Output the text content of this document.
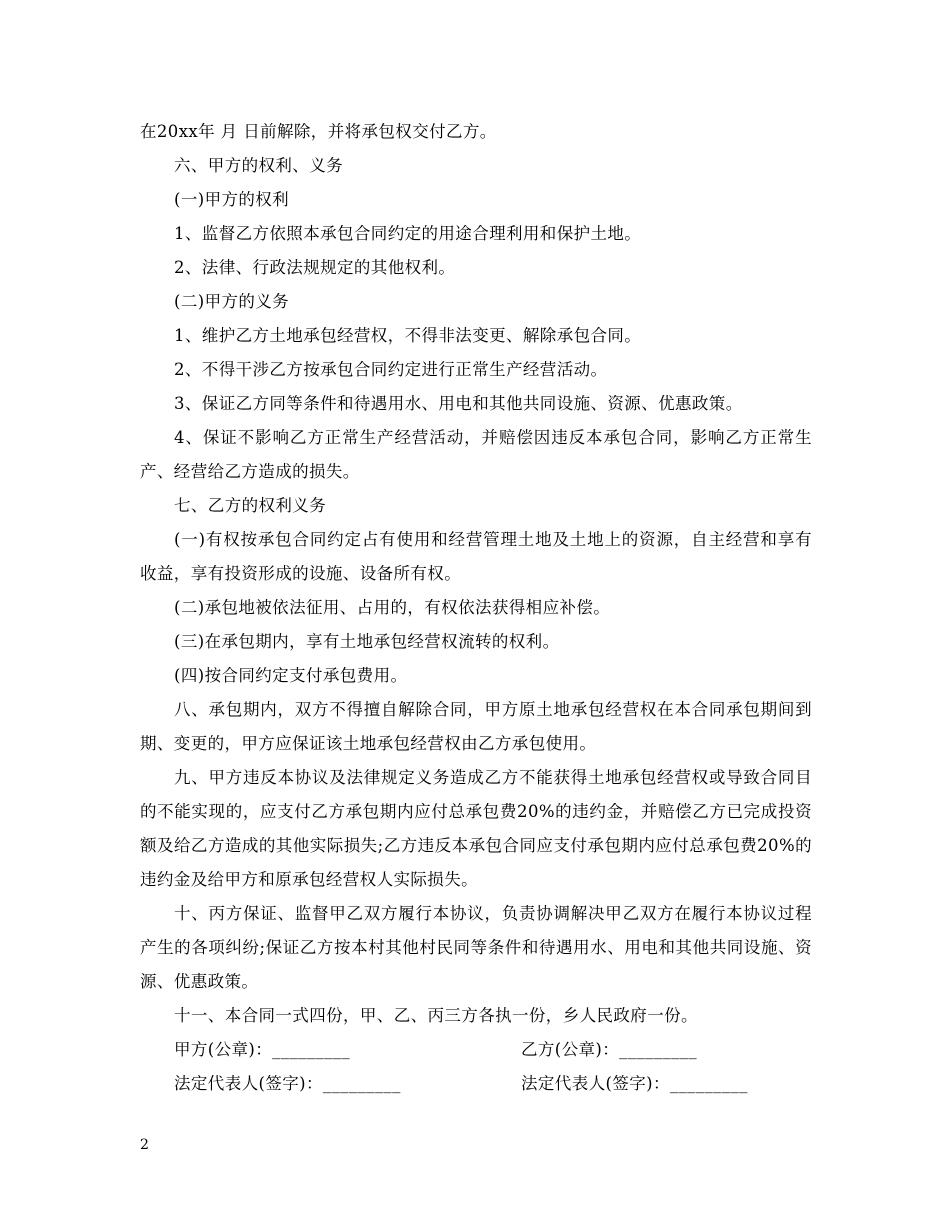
在20xx年 月 日前解除，并将承包权交付乙方。

六、甲方的权利、义务

(一)甲方的权利

1、监督乙方依照本承包合同约定的用途合理利用和保护土地。

2、法律、行政法规规定的其他权利。

(二)甲方的义务

1、维护乙方土地承包经营权，不得非法变更、解除承包合同。

2、不得干涉乙方按承包合同约定进行正常生产经营活动。

3、保证乙方同等条件和待遇用水、用电和其他共同设施、资源、优惠政策。

4、保证不影响乙方正常生产经营活动，并赔偿因违反本承包合同，影响乙方正常生产、经营给乙方造成的损失。

七、乙方的权利义务

(一)有权按承包合同约定占有使用和经营管理土地及土地上的资源，自主经营和享有收益，享有投资形成的设施、设备所有权。

(二)承包地被依法征用、占用的，有权依法获得相应补偿。

(三)在承包期内，享有土地承包经营权流转的权利。

(四)按合同约定支付承包费用。

八、承包期内，双方不得擅自解除合同，甲方原土地承包经营权在本合同承包期间到期、变更的，甲方应保证该土地承包经营权由乙方承包使用。

九、甲方违反本协议及法律规定义务造成乙方不能获得土地承包经营权或导致合同目的不能实现的，应支付乙方承包期内应付总承包费20%的违约金，并赔偿乙方已完成投资额及给乙方造成的其他实际损失;乙方违反本承包合同应支付承包期内应付总承包费20%的违约金及给甲方和原承包经营权人实际损失。

十、丙方保证、监督甲乙双方履行本协议，负责协调解决甲乙双方在履行本协议过程产生的各项纠纷;保证乙方按本村其他村民同等条件和待遇用水、用电和其他共同设施、资源、优惠政策。

十一、本合同一式四份，甲、乙、丙三方各执一份，乡人民政府一份。

甲方(公章)：_________	乙方(公章)：_________
法定代表人(签字)：_________	法定代表人(签字)：_________
2
